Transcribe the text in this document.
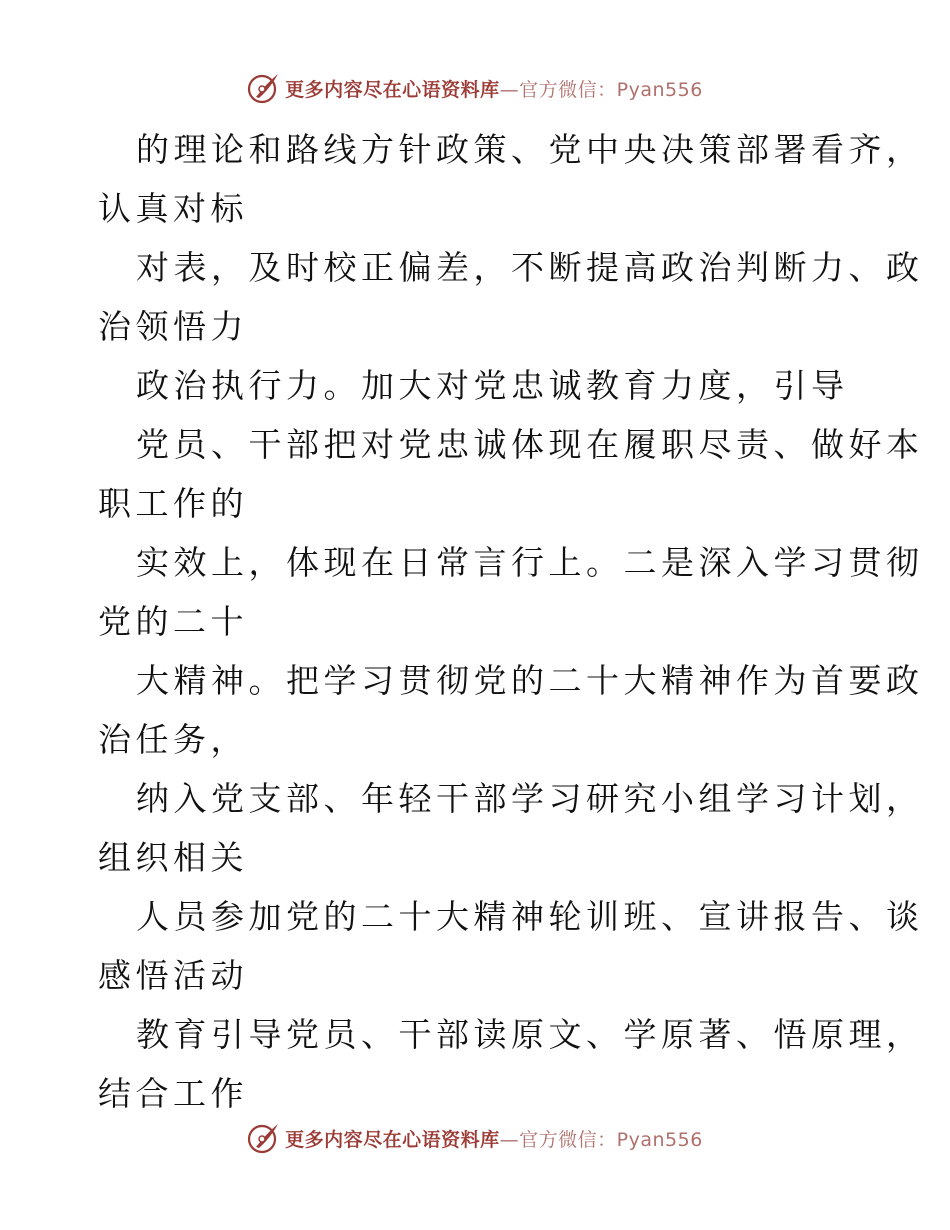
更多内容尽在心语资料库—官方微信：Pyan556
的理论和路线方针政策、党中央决策部署看齐，
认真对标
对表，及时校正偏差，不断提高政治判断力、政
治领悟力
政治执行力。加大对党忠诚教育力度，引导
党员、干部把对党忠诚体现在履职尽责、做好本
职工作的
实效上，体现在日常言行上。二是深入学习贯彻
党的二十
大精神。把学习贯彻党的二十大精神作为首要政
治任务，
纳入党支部、年轻干部学习研究小组学习计划，
组织相关
人员参加党的二十大精神轮训班、宣讲报告、谈
感悟活动
教育引导党员、干部读原文、学原著、悟原理，
结合工作
更多内容尽在心语资料库—官方微信：Pyan556
